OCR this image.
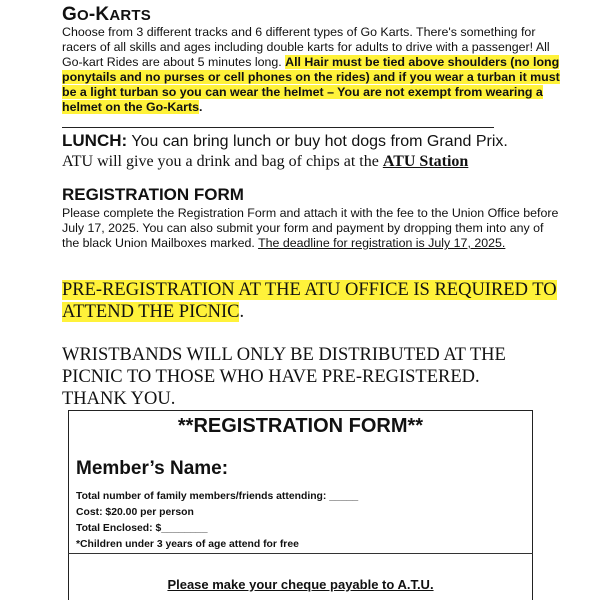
GO-KARTS
Choose from 3 different tracks and 6 different types of Go Karts. There's something for racers of all skills and ages including double karts for adults to drive with a passenger! All Go-kart Rides are about 5 minutes long. All Hair must be tied above shoulders (no long ponytails and no purses or cell phones on the rides) and if you wear a turban it must be a light turban so you can wear the helmet – You are not exempt from wearing a helmet on the Go-Karts.
LUNCH: You can bring lunch or buy hot dogs from Grand Prix.
ATU will give you a drink and bag of chips at the ATU Station
REGISTRATION FORM
Please complete the Registration Form and attach it with the fee to the Union Office before July 17, 2025. You can also submit your form and payment by dropping them into any of the black Union Mailboxes marked. The deadline for registration is July 17, 2025.
PRE-REGISTRATION AT THE ATU OFFICE IS REQUIRED TO ATTEND THE PICNIC.
WRISTBANDS WILL ONLY BE DISTRIBUTED AT THE PICNIC TO THOSE WHO HAVE PRE-REGISTERED. THANK YOU.
**REGISTRATION FORM**
Member’s Name:
Total number of family members/friends attending: _____
Cost: $20.00 per person
Total Enclosed: $________
*Children under 3 years of age attend for free
Please make your cheque payable to A.T.U.
